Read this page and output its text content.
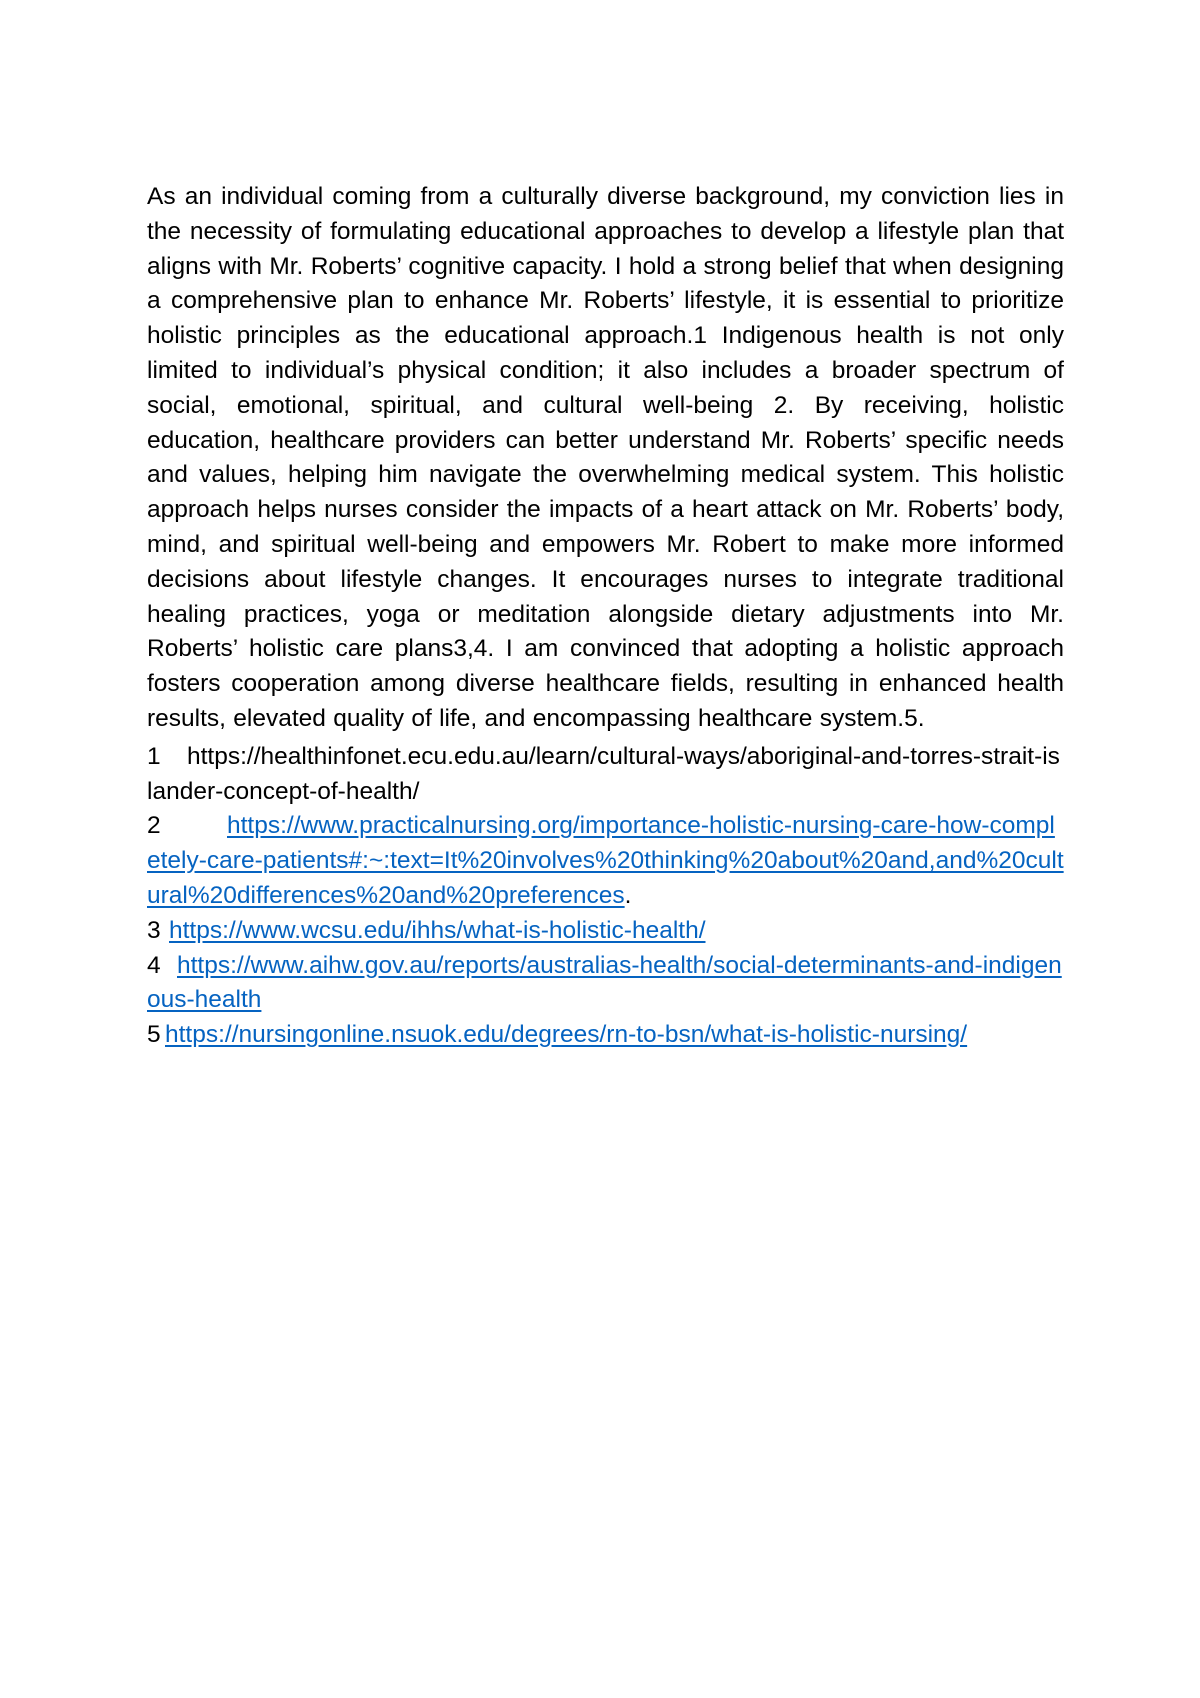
As an individual coming from a culturally diverse background, my conviction lies in the necessity of formulating educational approaches to develop a lifestyle plan that aligns with Mr. Roberts’ cognitive capacity. I hold a strong belief that when designing a comprehensive plan to enhance Mr. Roberts’ lifestyle, it is essential to prioritize holistic principles as the educational approach.1 Indigenous health is not only limited to individual’s physical condition; it also includes a broader spectrum of social, emotional, spiritual, and cultural well-being 2. By receiving, holistic education, healthcare providers can better understand Mr. Roberts’ specific needs and values, helping him navigate the overwhelming medical system. This holistic approach helps nurses consider the impacts of a heart attack on Mr. Roberts’ body, mind, and spiritual well-being and empowers Mr. Robert to make more informed decisions about lifestyle changes. It encourages nurses to integrate traditional healing practices, yoga or meditation alongside dietary adjustments into Mr. Roberts’ holistic care plans3,4. I am convinced that adopting a holistic approach fosters cooperation among diverse healthcare fields, resulting in enhanced health results, elevated quality of life, and encompassing healthcare system.5.

1 https://healthinfonet.ecu.edu.au/learn/cultural-ways/aboriginal-and-torres-strait-islander-concept-of-health/

2	https://www.practicalnursing.org/importance-holistic-nursing-care-how-completely-care-patients#:~:text=It%20involves%20thinking%20about%20and,and%20cultural%20differences%20and%20preferences.

3 https://www.wcsu.edu/ihhs/what-is-holistic-health/

4 https://www.aihw.gov.au/reports/australias-health/social-determinants-and-indigenous-health

5 https://nursingonline.nsuok.edu/degrees/rn-to-bsn/what-is-holistic-nursing/
